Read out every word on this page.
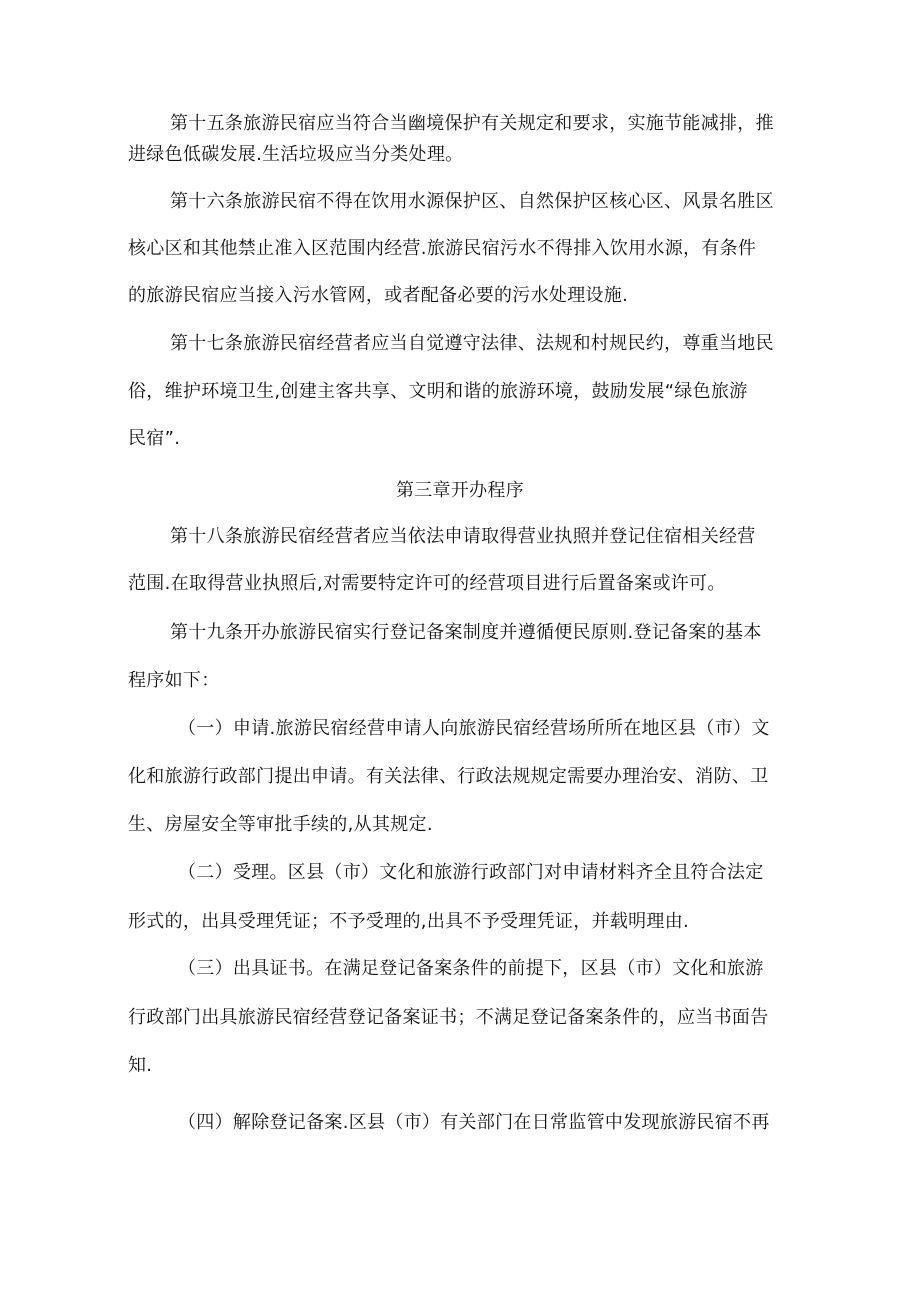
第十五条旅游民宿应当符合当幽境保护有关规定和要求，实施节能减排，推
进绿色低碳发展.生活垃圾应当分类处理。
第十六条旅游民宿不得在饮用水源保护区、自然保护区核心区、风景名胜区
核心区和其他禁止准入区范围内经营.旅游民宿污水不得排入饮用水源，有条件
的旅游民宿应当接入污水管网，或者配备必要的污水处理设施.
第十七条旅游民宿经营者应当自觉遵守法律、法规和村规民约，尊重当地民
俗，维护环境卫生,创建主客共享、文明和谐的旅游环境，鼓励发展“绿色旅游
民宿”.
第三章开办程序
第十八条旅游民宿经营者应当依法申请取得营业执照并登记住宿相关经营
范围.在取得营业执照后,对需要特定许可的经营项目进行后置备案或许可。
第十九条开办旅游民宿实行登记备案制度并遵循便民原则.登记备案的基本
程序如下：
（一）申请.旅游民宿经营申请人向旅游民宿经营场所所在地区县（市）文
化和旅游行政部门提出申请。有关法律、行政法规规定需要办理治安、消防、卫
生、房屋安全等审批手续的,从其规定.
（二）受理。区县（市）文化和旅游行政部门对申请材料齐全且符合法定
形式的，出具受理凭证；不予受理的,出具不予受理凭证，并载明理由.
（三）出具证书。在满足登记备案条件的前提下，区县（市）文化和旅游
行政部门出具旅游民宿经营登记备案证书；不满足登记备案条件的，应当书面告
知.
（四）解除登记备案.区县（市）有关部门在日常监管中发现旅游民宿不再
